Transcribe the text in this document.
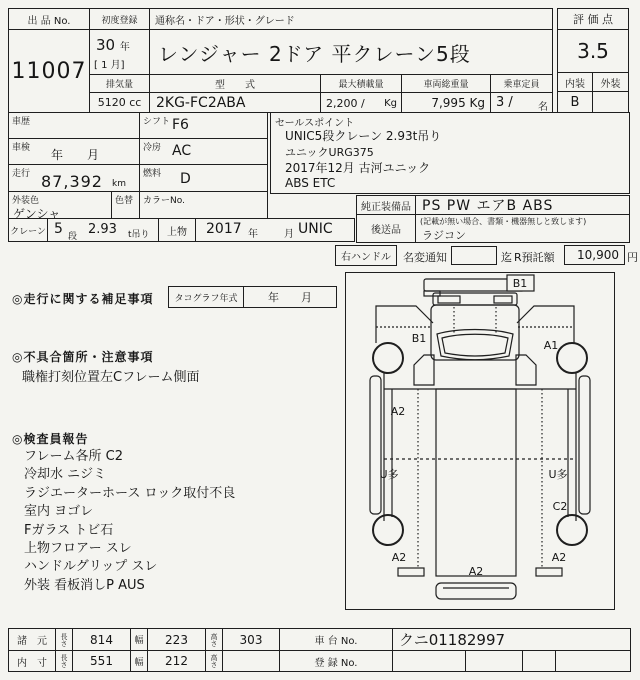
出 品 No.
11007
初度登録
30 年
[ 1 月]
通称名・ドア・形状・グレード
レンジャー 2ドア 平クレーン5段
排気量
5120 cc
型　　式
2KG-FC2ABA
最大積載量
2,200 / Kg
車両総重量
7,995 Kg
乗車定員
3 /	名
評 価 点
3.5
内装	外装
B
車歴	シフト F6
車検 年　　月	冷房 AC
走行 87,392 km
燃料 D
外装色
ゲンシャ
色替 カラーNo.
クレーン 5 段 2.93 t吊り	上物	2017 年	月 UNIC
セールスポイント
UNIC5段クレーン 2.93t吊り
ユニックURG375
2017年12月 古河ユニック
ABS ETC
純正装備品 PS PW エアB ABS
後送品
(記載が無い場合、書類・機器無しと致します)
ラジコン
右ハンドル	名変通知	迄 R預託額	10,900 円
◎走行に関する補足事項	タコグラフ年式	年　　月
◎不具合箇所・注意事項
職権打刻位置左Cフレーム側面
◎検査員報告
フレーム各所 C2
冷却水 ニジミ
ラジエーターホース ロック取付不良
室内 ヨゴレ
Fガラス トビ石
上物フロアー スレ
ハンドルグリップ スレ
外装 看板消しP AUS
B1
B1
A1
A2
U多	U多
C2
A2	A2
A2
諸　元	長さ	814	幅	223	高さ	303	車 台 No.	クニ01182997
内　寸	長さ	551	幅	212	高さ	登 録 No.
